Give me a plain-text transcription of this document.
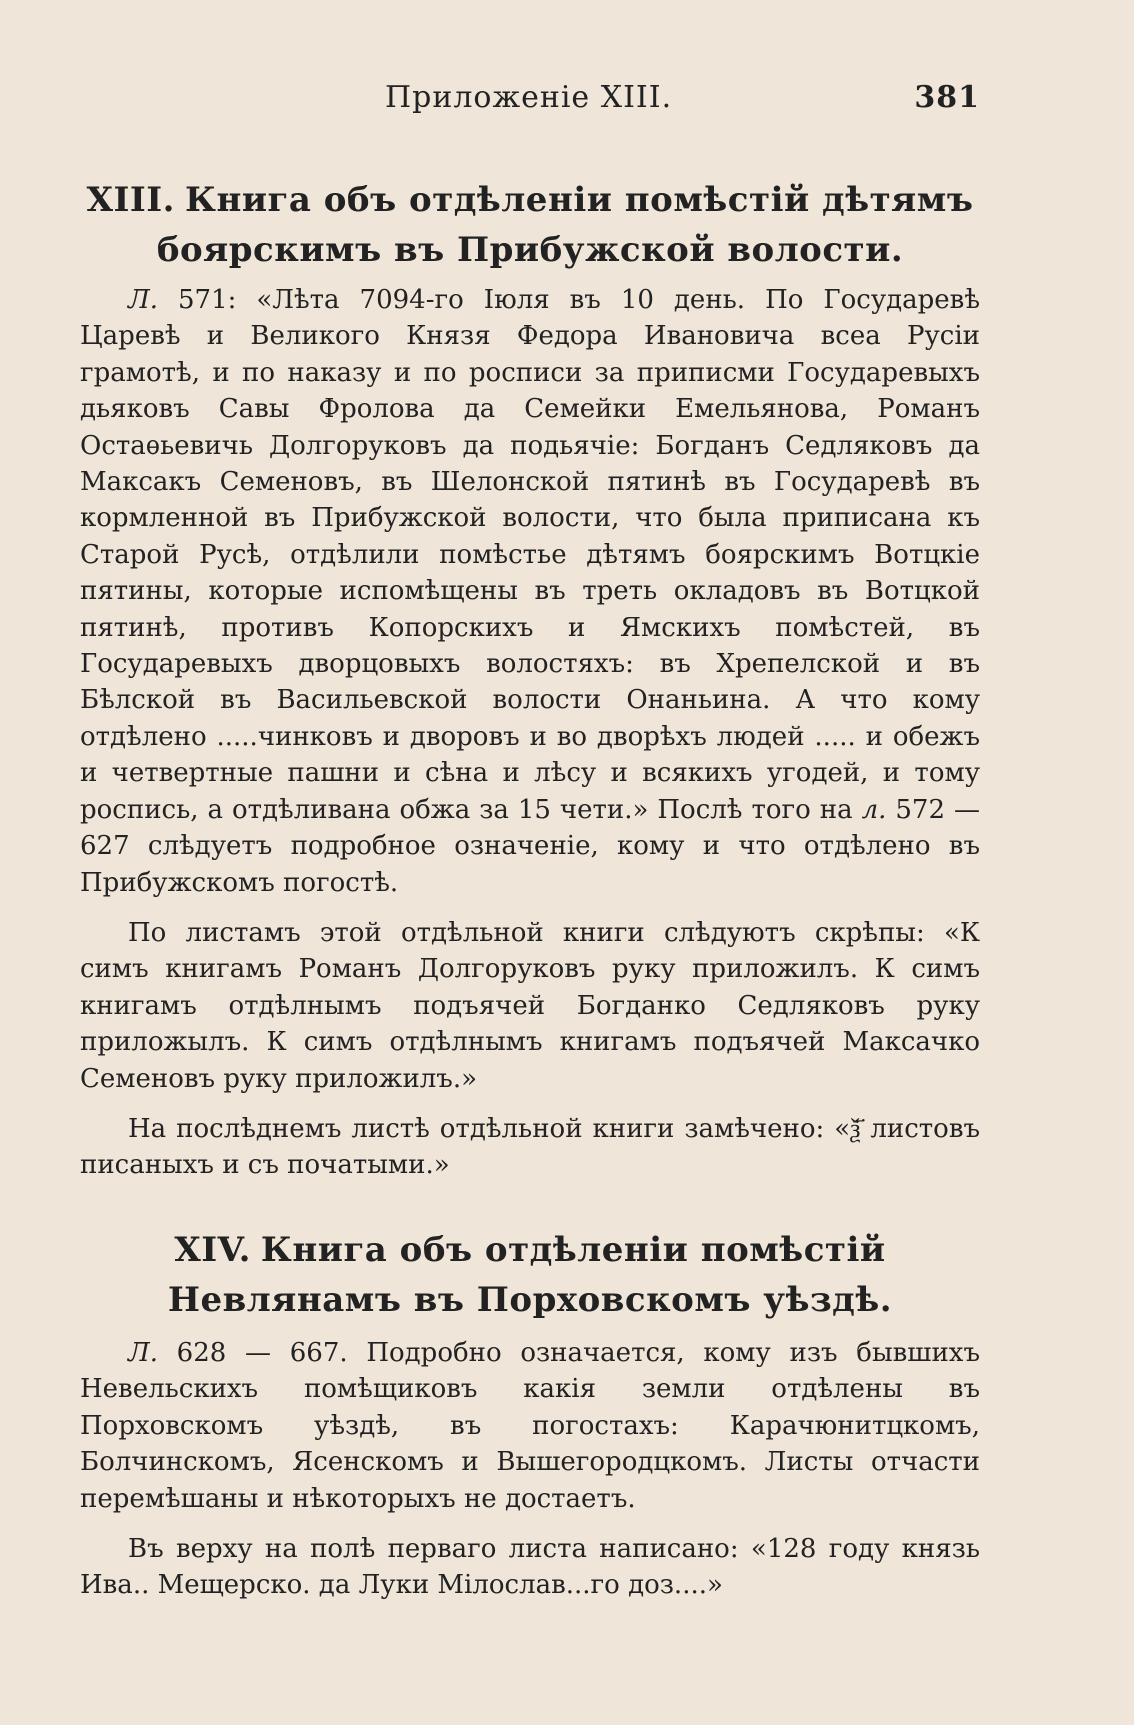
Приложеніе XIII.	381
XIII. Книга объ отдѣленіи помѣстій дѣтямъ боярскимъ въ Прибужской волости.

Л. 571: «Лѣта 7094-го Іюля въ 10 день. По Государевѣ Царевѣ и Великого Князя Федора Ивановича всеа Русіи грамотѣ, и по наказу и по росписи за приписми Государевыхъ дьяковъ Савы Фролова да Семейки Емельянова, Романъ Остаѳьевичь Долгоруковъ да подьячіе: Богданъ Седляковъ да Максакъ Семеновъ, въ Шелонской пятинѣ въ Государевѣ въ кормленной въ Прибужской волости, что была приписана къ Старой Русѣ, отдѣлили помѣстье дѣтямъ боярскимъ Вотцкіе пятины, которые испомѣщены въ треть окладовъ въ Вотцкой пятинѣ, противъ Копорскихъ и Ямскихъ помѣстей, въ Государевыхъ дворцовыхъ волостяхъ: въ Хрепелской и въ Бѣлской въ Васильевской волости Онаньина. А что кому отдѣлено .....чинковъ и дворовъ и во дворѣхъ людей ..... и обежъ и четвертные пашни и сѣна и лѣсу и всякихъ угодей, и тому роспись, а отдѣливана обжа за 15 чети.» Послѣ того на л. 572 — 627 слѣдуетъ подробное означеніе, кому и что отдѣлено въ Прибужскомъ погостѣ.

По листамъ этой отдѣльной книги слѣдуютъ скрѣпы: «К симъ книгамъ Романъ Долгоруковъ руку приложилъ. К симъ книгамъ отдѣлнымъ подъячей Богданко Седляковъ руку приложылъ. К симъ отдѣлнымъ книгамъ подъячей Максачко Семеновъ руку приложилъ.»

На послѣднемъ листѣ отдѣльной книги замѣчено: «ѯ҃ листовъ писаныхъ и съ початыми.»

XIV. Книга объ отдѣленіи помѣстій Невлянамъ въ Порховскомъ уѣздѣ.

Л. 628 — 667. Подробно означается, кому изъ бывшихъ Невельскихъ помѣщиковъ какія земли отдѣлены въ Порховскомъ уѣздѣ, въ погостахъ: Карачюнитцкомъ, Болчинскомъ, Ясенскомъ и Вышегородцкомъ. Листы отчасти перемѣшаны и нѣкоторыхъ не достаетъ.

Въ верху на полѣ перваго листа написано: «128 году князь Ива.. Мещерско. да Луки Мілослав...го доз....»
